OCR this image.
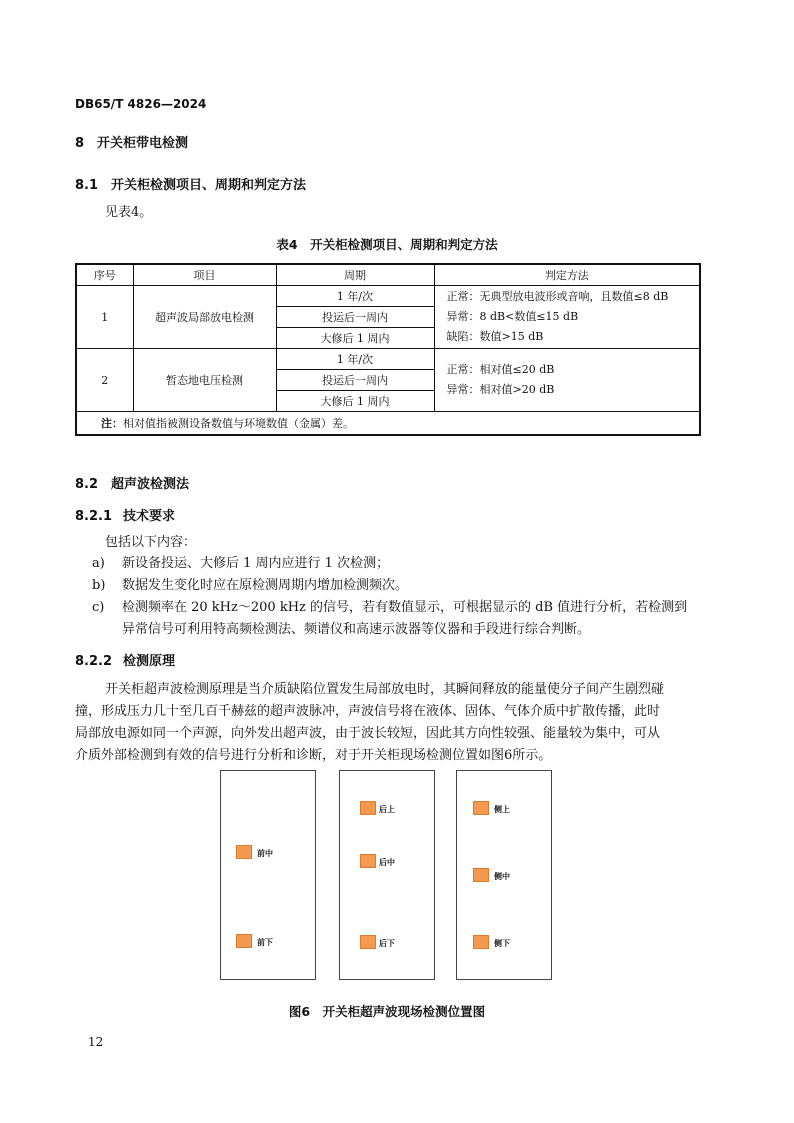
DB65/T 4826—2024
8 开关柜带电检测
8.1 开关柜检测项目、周期和判定方法
见表4。
表4　开关柜检测项目、周期和判定方法
序号	项目	周期	判定方法
1	超声波局部放电检测	1 年/次	正常：无典型放电波形或音响，且数值≤8 dB
异常：8 dB<数值≤15 dB
缺陷：数值>15 dB

		投运后一周内	
		大修后 1 周内	
2	暂态地电压检测	1 年/次	正常：相对值≤20 dB
异常：相对值>20 dB

		投运后一周内	
		大修后 1 周内	
注：相对值指被测设备数值与环境数值（金属）差。			
8.2 超声波检测法
8.2.1 技术要求
包括以下内容：
a) 新设备投运、大修后 1 周内应进行 1 次检测；
b) 数据发生变化时应在原检测周期内增加检测频次。
c) 检测频率在 20 kHz～200 kHz 的信号，若有数值显示，可根据显示的 dB 值进行分析，若检测到
异常信号可利用特高频检测法、频谱仪和高速示波器等仪器和手段进行综合判断。
8.2.2 检测原理
开关柜超声波检测原理是当介质缺陷位置发生局部放电时，其瞬间释放的能量使分子间产生剧烈碰
撞，形成压力几十至几百千赫兹的超声波脉冲，声波信号将在液体、固体、气体介质中扩散传播，此时
局部放电源如同一个声源，向外发出超声波，由于波长较短，因此其方向性较强、能量较为集中，可从
介质外部检测到有效的信号进行分析和诊断，对于开关柜现场检测位置如图6所示。
前中
前下
后上
后中
后下
侧上
侧中
侧下
图6　开关柜超声波现场检测位置图
12
